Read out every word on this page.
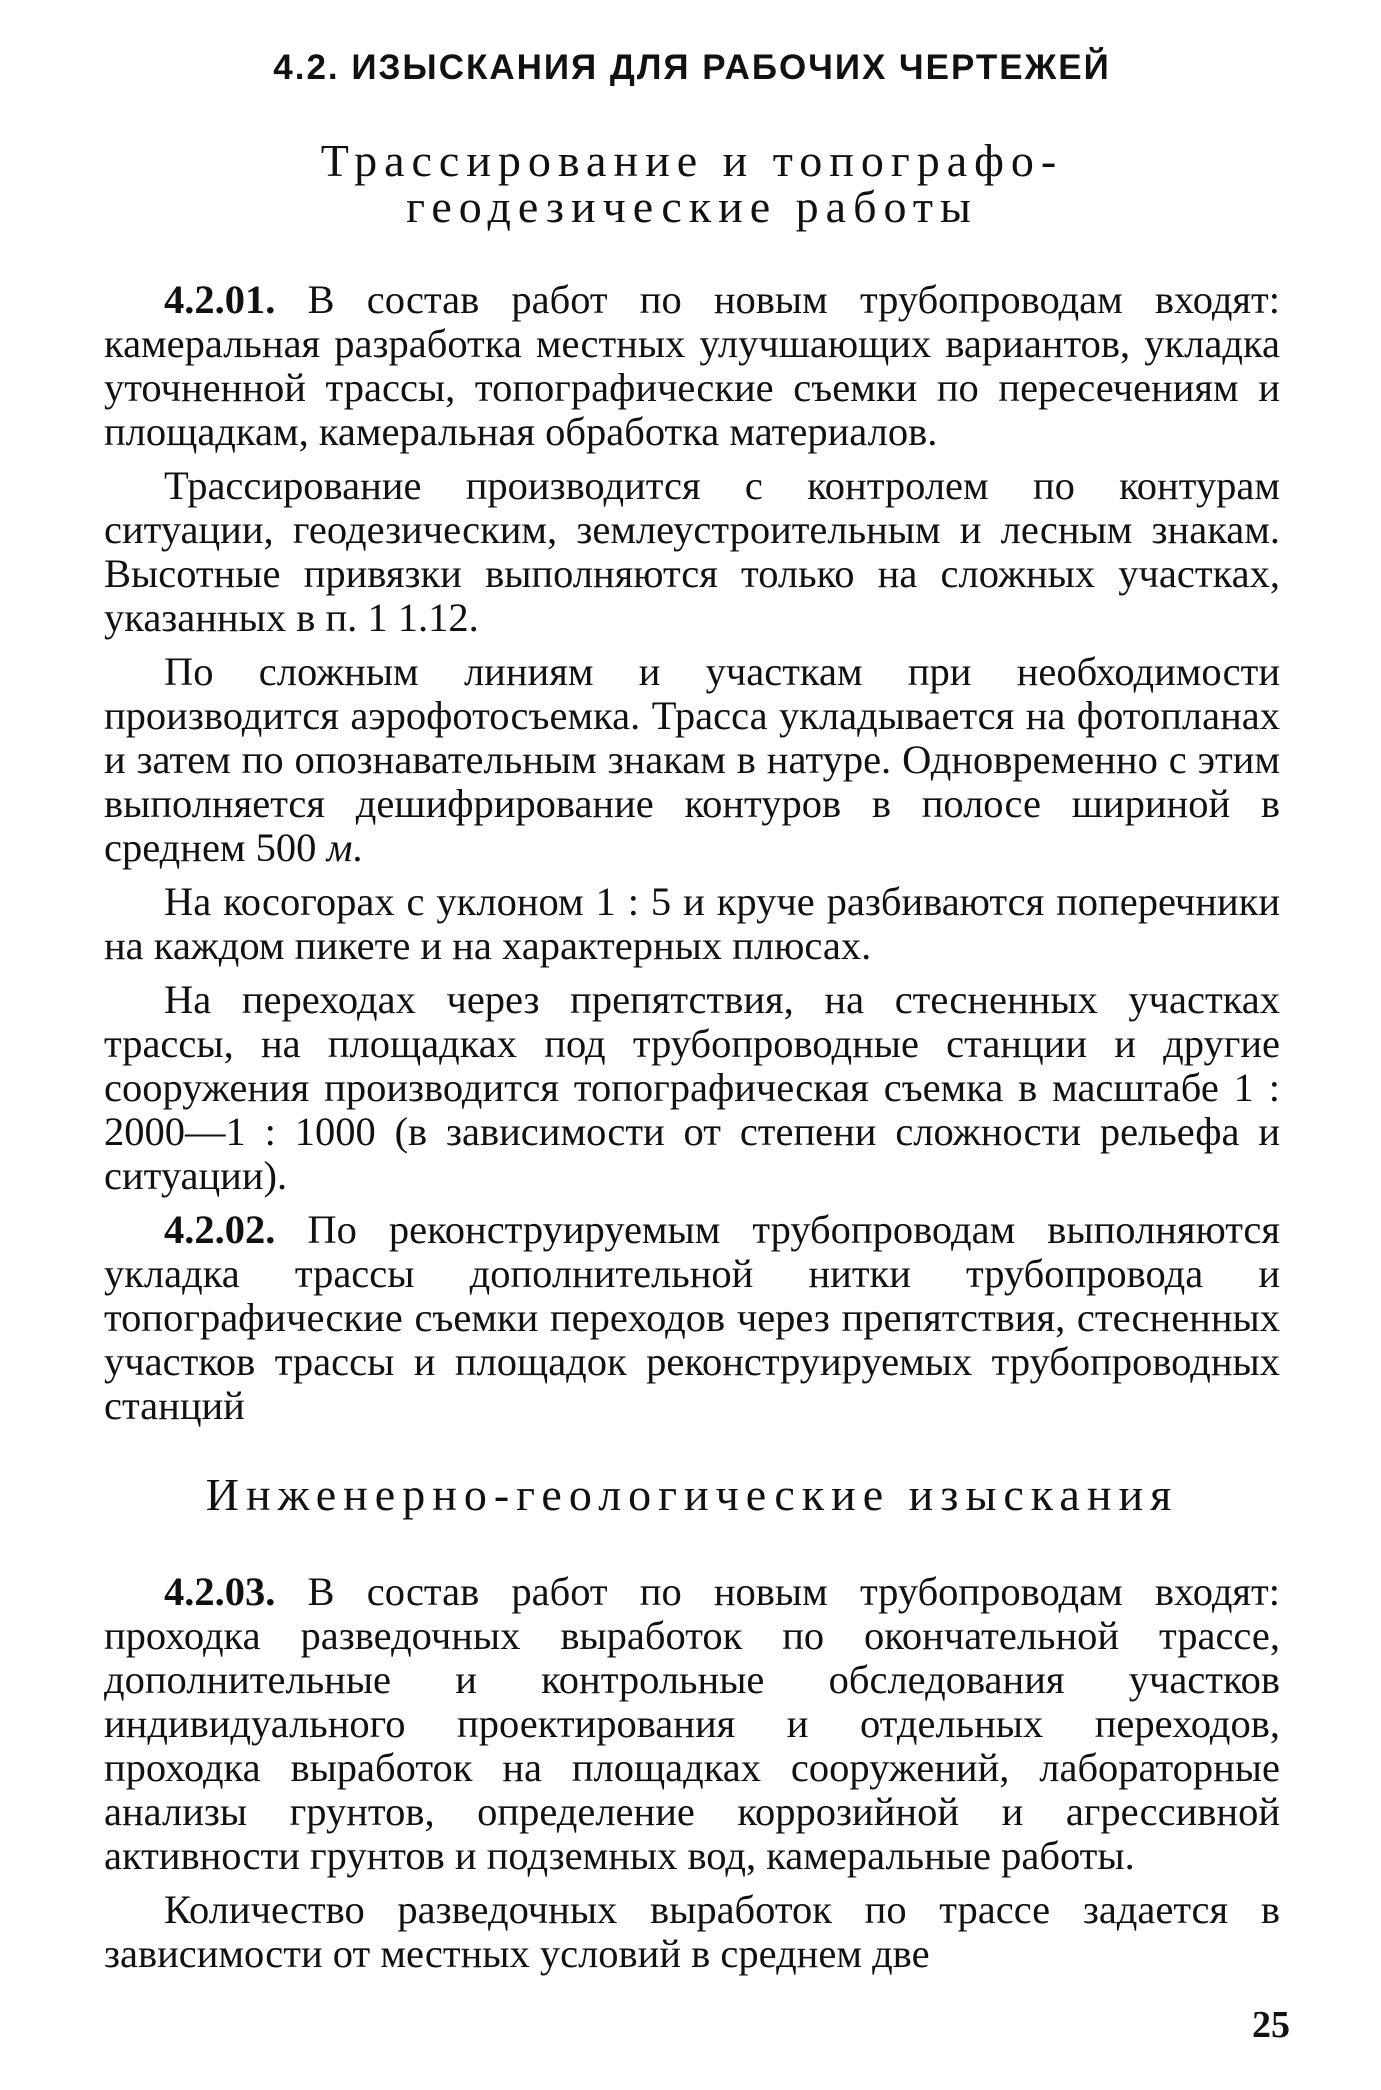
4.2. ИЗЫСКАНИЯ ДЛЯ РАБОЧИХ ЧЕРТЕЖЕЙ
Трассирование и топографо-
геодезические работы

4.2.01. В состав работ по новым трубопроводам входят: камеральная разработка местных улучшающих вариантов, укладка уточненной трассы, топографические съемки по пересечениям и площадкам, камеральная обработка материалов.

Трассирование производится с контролем по контурам ситуации, геодезическим, землеустроительным и лесным знакам. Высотные привязки выполняются только на сложных участках, указанных в п. 1 1.12.

По сложным линиям и участкам при необходимости производится аэрофотосъемка. Трасса укладывается на фотопланах и затем по опознавательным знакам в натуре. Одновременно с этим выполняется дешифрирование контуров в полосе шириной в среднем 500 м.

На косогорах с уклоном 1 : 5 и круче разбиваются поперечники на каждом пикете и на характерных плюсах.

На переходах через препятствия, на стесненных участках трассы, на площадках под трубопроводные станции и другие сооружения производится топографическая съемка в масштабе 1 : 2000—1 : 1000 (в зависимости от степени сложности рельефа и ситуации).

4.2.02. По реконструируемым трубопроводам выполняются укладка трассы дополнительной нитки трубопровода и топографические съемки переходов через препятствия, стесненных участков трассы и площадок реконструируемых трубопроводных станций

Инженерно-геологические изыскания

4.2.03. В состав работ по новым трубопроводам входят: проходка разведочных выработок по окончательной трассе, дополнительные и контрольные обследования участков индивидуального проектирования и отдельных переходов, проходка выработок на площадках сооружений, лабораторные анализы грунтов, определение коррозийной и агрессивной активности грунтов и подземных вод, камеральные работы.

Количество разведочных выработок по трассе задается в зависимости от местных условий в среднем две

25
